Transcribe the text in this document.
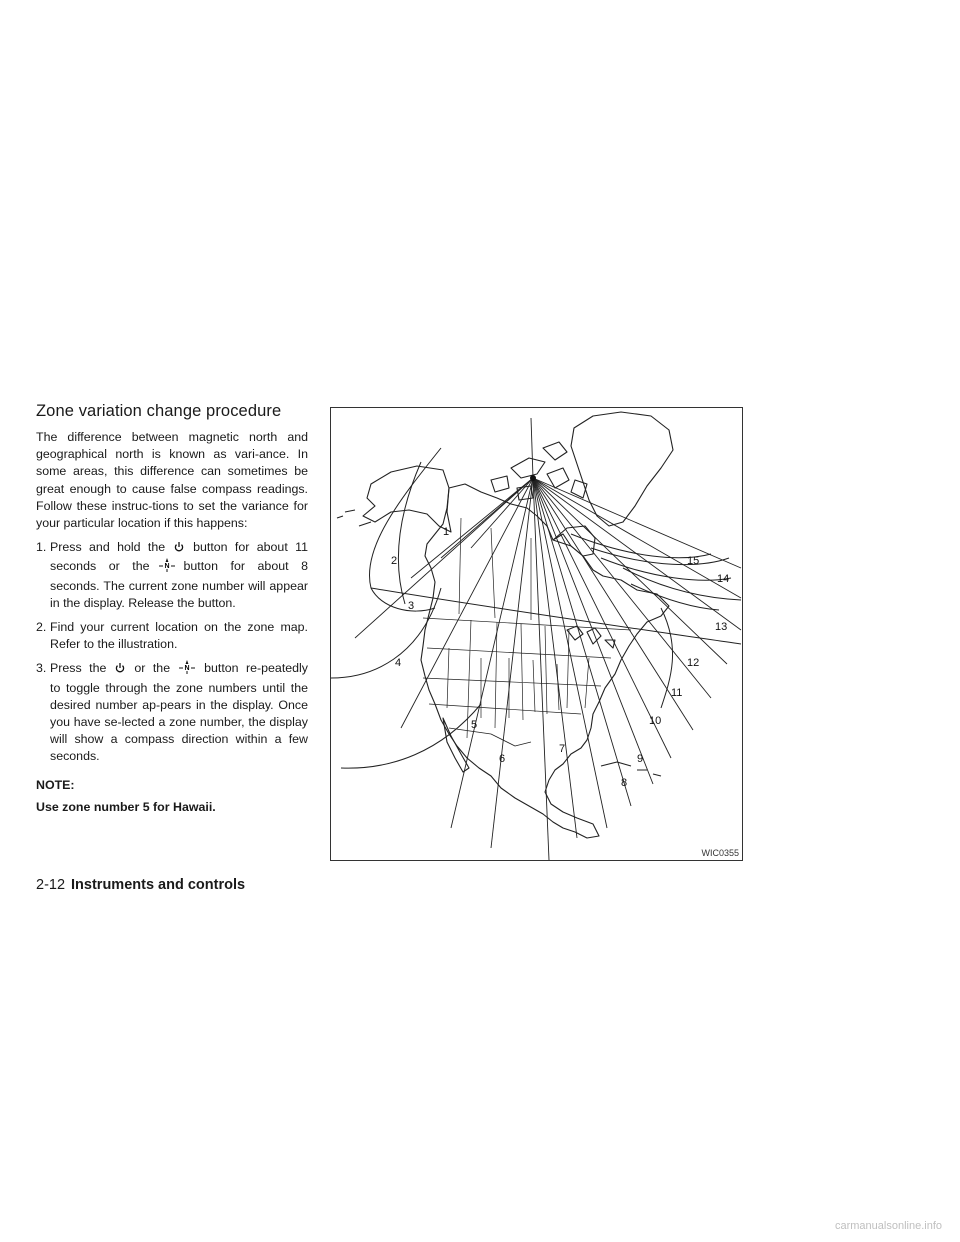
Zone variation change procedure

The difference between magnetic north and geographical north is known as vari-ance. In some areas, this difference can sometimes be great enough to cause false compass readings. Follow these instruc-tions to set the variance for your particular location if this happens:

1. Press and hold the button for about 11 seconds or the N button for about 8 seconds. The current zone number will appear in the display. Release the button.
2. Find your current location on the zone map. Refer to the illustration.
3. Press the or the N button re-peatedly to toggle through the zone numbers until the desired number ap-pears in the display. Once you have se-lected a zone number, the display will show a compass direction within a few seconds.
NOTE:
Use zone number 5 for Hawaii.
1
2
3
4
5
6
7
8
9
10
11
12
13
14
15
WIC0355
2-12 Instruments and controls
carmanualsonline.info
